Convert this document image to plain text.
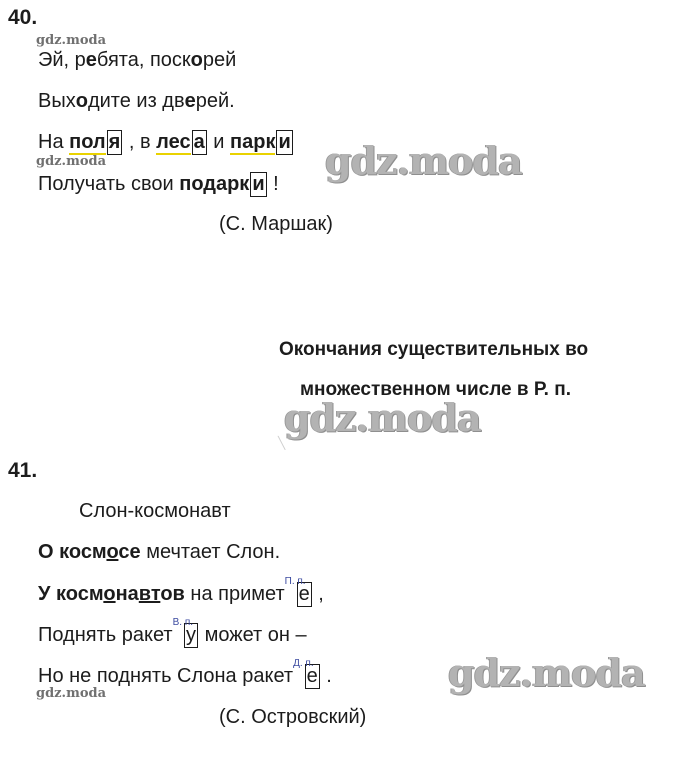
40.
gdz.moda
Эй, ребята, поскорей
Выходите из дверей.
На пол я , в лес а и парк и
gdz.moda	gdz.moda
Получать свои подарк и !
(С. Маршак)
Окончания существительных во
множественном числе в Р. п.
gdz.moda
╲
41.
Слон-космонавт
О космосе мечтает Слон.
У космонавтов на приметП. п.е ,
Поднять ракетВ. п.у может он –
Но не поднять Слона ракетД. п.е .	gdz.moda
gdz.moda
(С. Островский)
